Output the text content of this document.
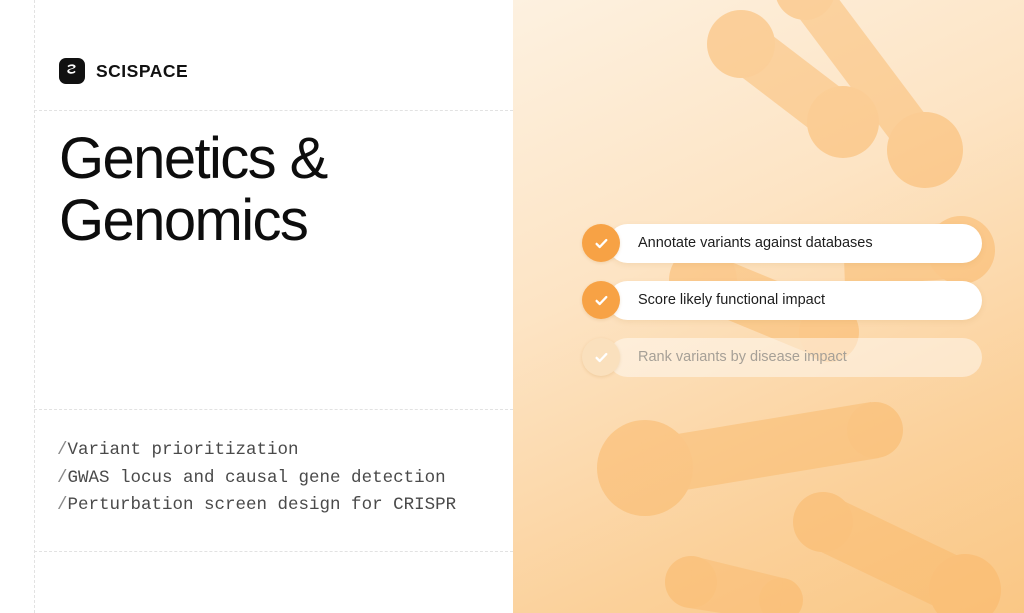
SCISPACE
Genetics & Genomics
/Variant prioritization
/GWAS locus and causal gene detection
/Perturbation screen design for CRISPR
Annotate variants against databases
Score likely functional impact
Rank variants by disease impact
